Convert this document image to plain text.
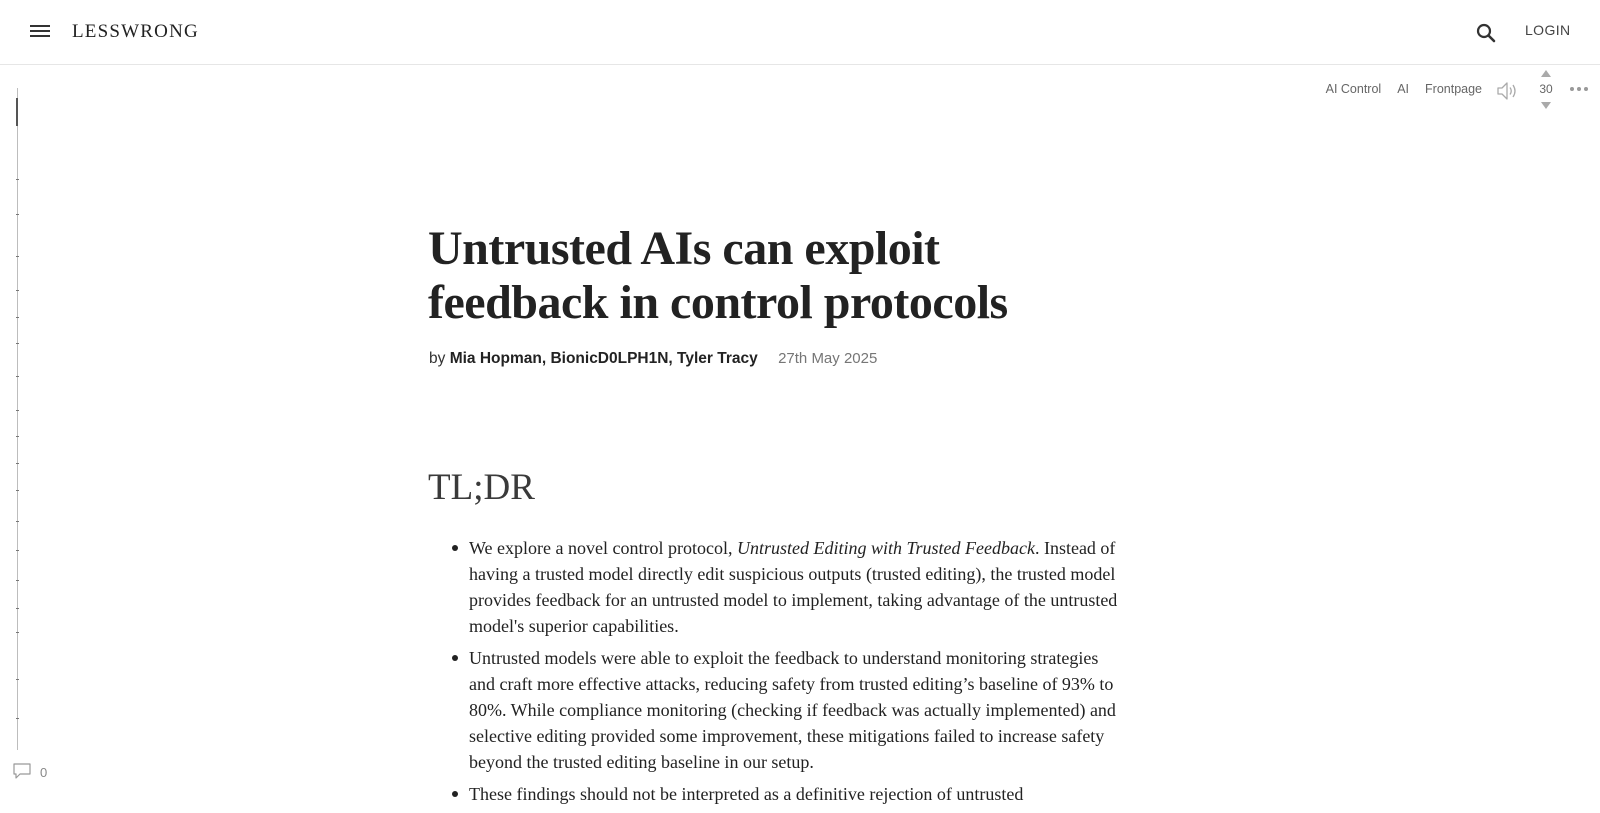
LESSWRONG	LOGIN
0
AI Control AI Frontpage	30
Untrusted AIs can exploit feedback in control protocols
by Mia Hopman, BionicD0LPH1N, Tyler Tracy 27th May 2025
TL;DR
We explore a novel control protocol, Untrusted Editing with Trusted Feedback. Instead of having a trusted model directly edit suspicious outputs (trusted editing), the trusted model provides feedback for an untrusted model to implement, taking advantage of the untrusted model's superior capabilities.
Untrusted models were able to exploit the feedback to understand monitoring strategies and craft more effective attacks, reducing safety from trusted editing’s baseline of 93% to 80%. While compliance monitoring (checking if feedback was actually implemented) and selective editing provided some improvement, these mitigations failed to increase safety beyond the trusted editing baseline in our setup.
These findings should not be interpreted as a definitive rejection of untrusted
